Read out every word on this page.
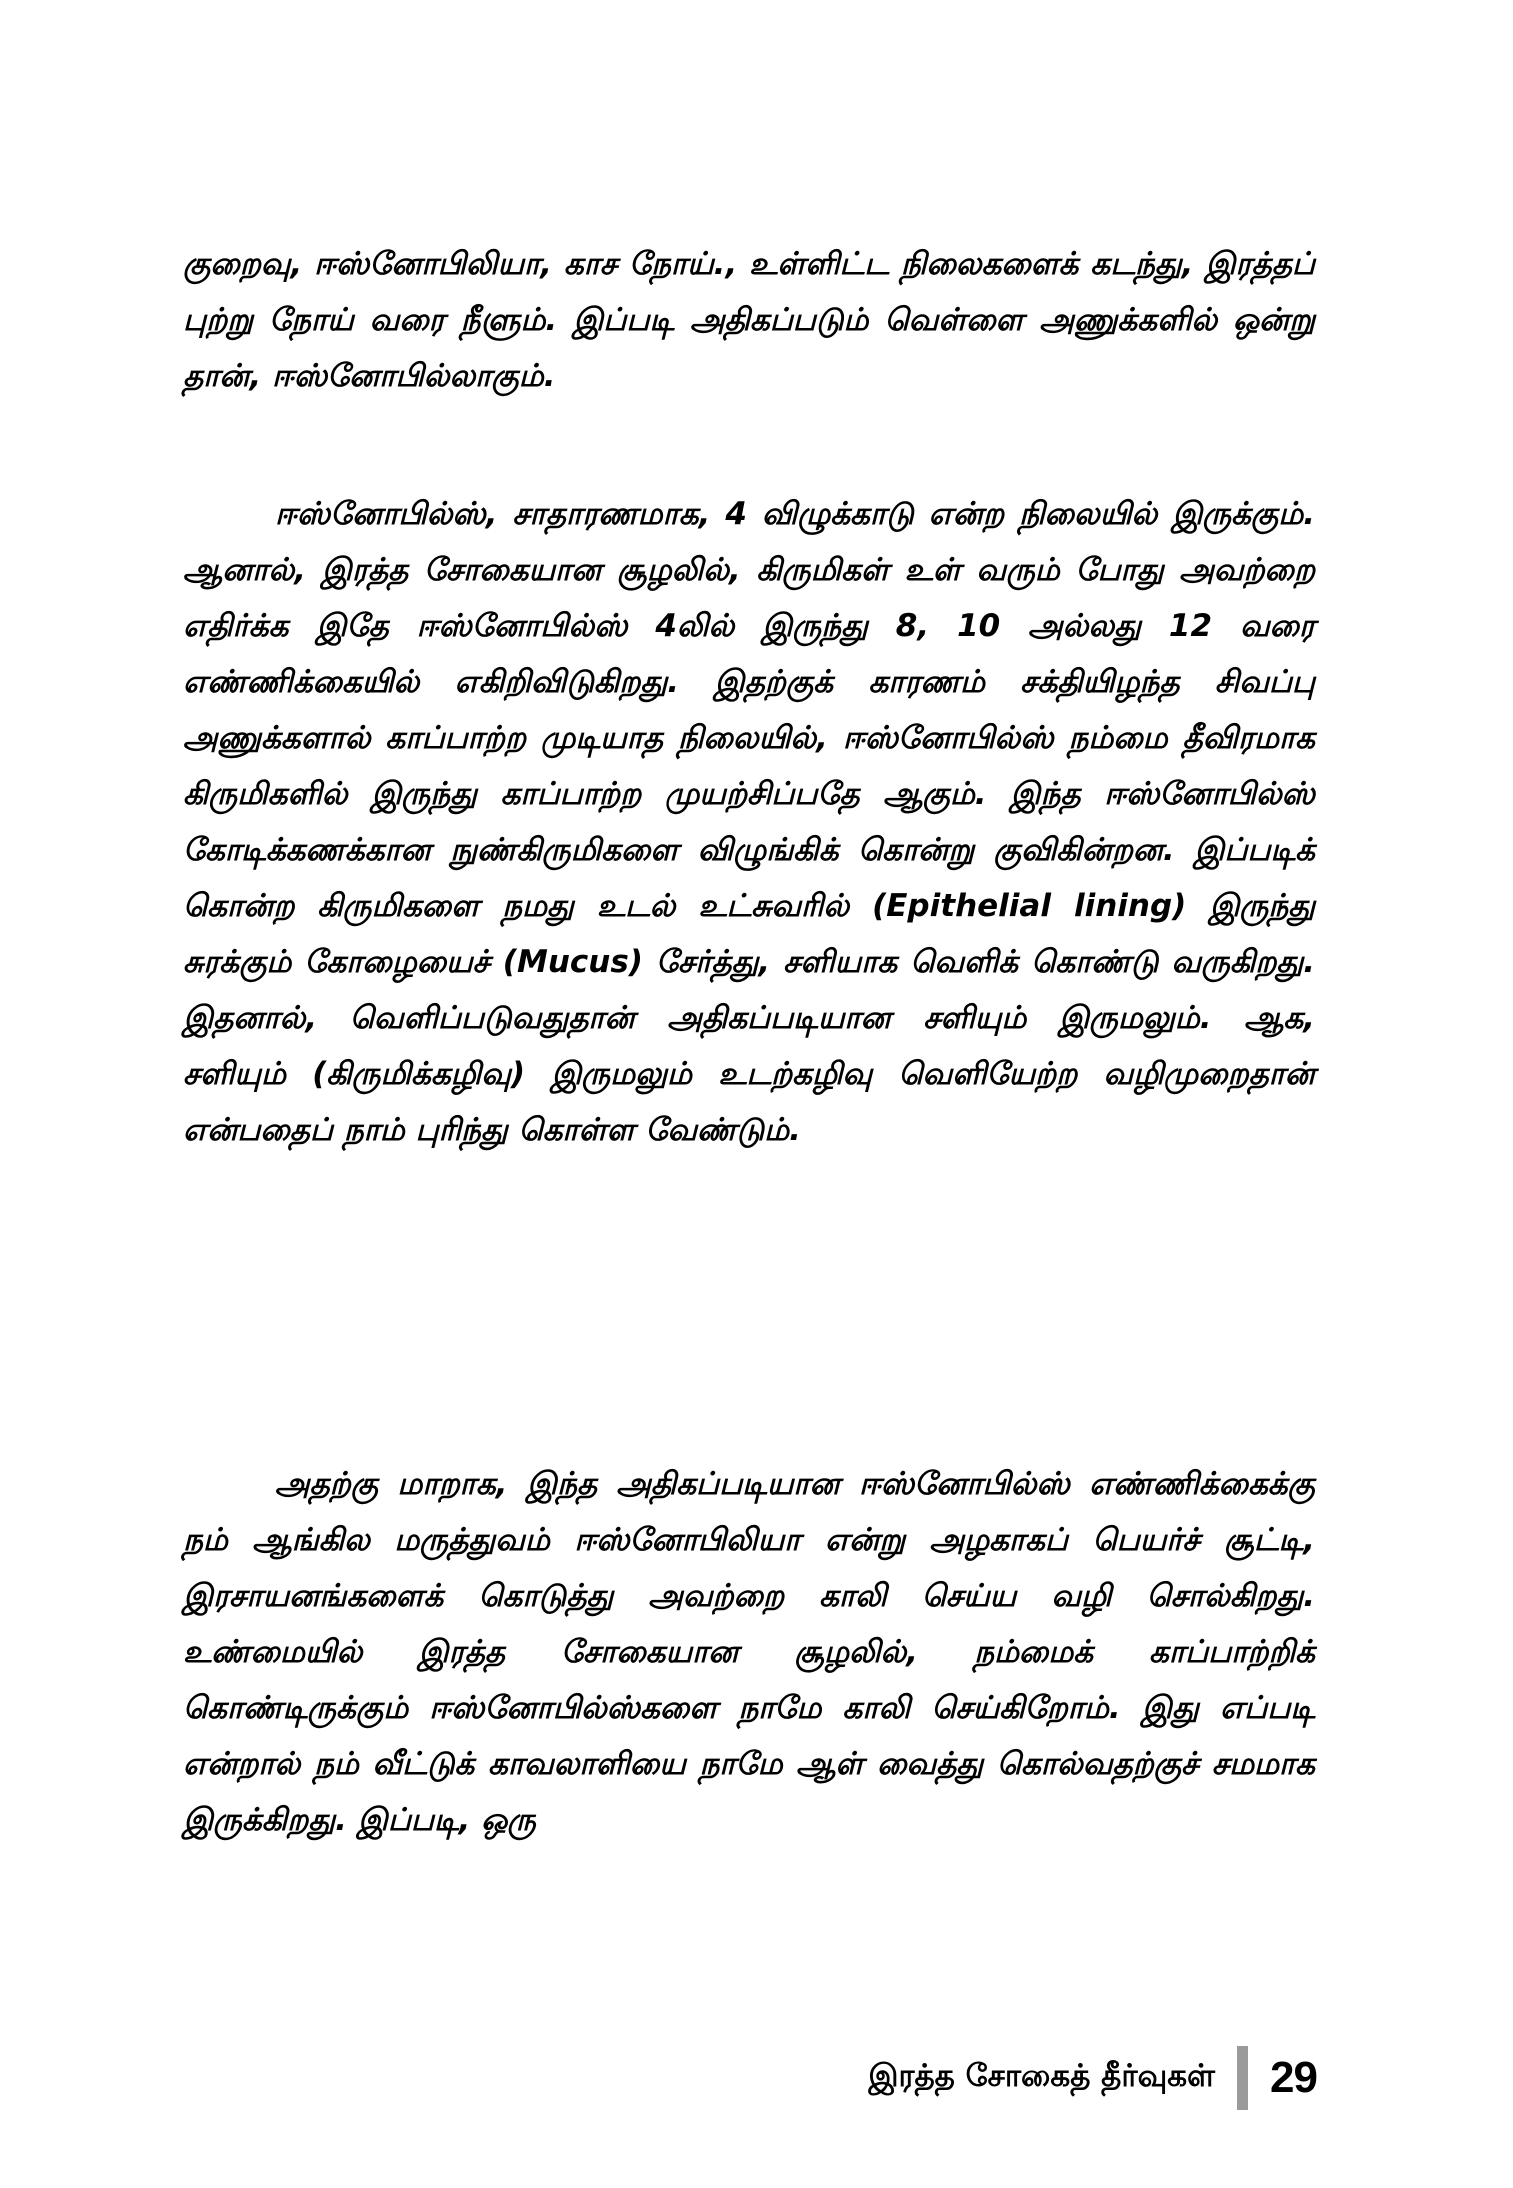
குறைவு, ஈஸ்னோபிலியா, காச நோய்., உள்ளிட்ட நிலைகளைக் கடந்து, இரத்தப் புற்று நோய் வரை நீளும். இப்படி அதிகப்படும் வெள்ளை அணுக்களில் ஒன்று தான், ஈஸ்னோபில்லாகும்.

ஈஸ்னோபில்ஸ், சாதாரணமாக, 4 விழுக்காடு என்ற நிலையில் இருக்கும். ஆனால், இரத்த சோகையான சூழலில், கிருமிகள் உள் வரும் போது அவற்றை எதிர்க்க இதே ஈஸ்னோபில்ஸ் 4லில் இருந்து 8, 10 அல்லது 12 வரை எண்ணிக்கையில் எகிறிவிடுகிறது. இதற்குக் காரணம் சக்தியிழந்த சிவப்பு அணுக்களால் காப்பாற்ற முடியாத நிலையில், ஈஸ்னோபில்ஸ் நம்மை தீவிரமாக கிருமிகளில் இருந்து காப்பாற்ற முயற்சிப்பதே ஆகும். இந்த ஈஸ்னோபில்ஸ் கோடிக்கணக்கான நுண்கிருமிகளை விழுங்கிக் கொன்று குவிகின்றன. இப்படிக் கொன்ற கிருமிகளை நமது உடல் உட்சுவரில் (Epithelial lining) இருந்து சுரக்கும் கோழையைச் (Mucus) சேர்த்து, சளியாக வெளிக் கொண்டு வருகிறது. இதனால், வெளிப்படுவதுதான் அதிகப்படியான சளியும் இருமலும். ஆக, சளியும் (கிருமிக்கழிவு) இருமலும் உடற்கழிவு வெளியேற்ற வழிமுறைதான் என்பதைப் நாம் புரிந்து கொள்ள வேண்டும்.

அதற்கு மாறாக, இந்த அதிகப்படியான ஈஸ்னோபில்ஸ் எண்ணிக்கைக்கு நம் ஆங்கில மருத்துவம் ஈஸ்னோபிலியா என்று அழகாகப் பெயர்ச் சூட்டி, இரசாயனங்களைக் கொடுத்து அவற்றை காலி செய்ய வழி சொல்கிறது. உண்மையில் இரத்த சோகையான சூழலில், நம்மைக் காப்பாற்றிக் கொண்டிருக்கும் ஈஸ்னோபில்ஸ்களை நாமே காலி செய்கிறோம். இது எப்படி என்றால் நம் வீட்டுக் காவலாளியை நாமே ஆள் வைத்து கொல்வதற்குச் சமமாக இருக்கிறது. இப்படி, ஒரு

இரத்த சோகைத் தீர்வுகள் 29
